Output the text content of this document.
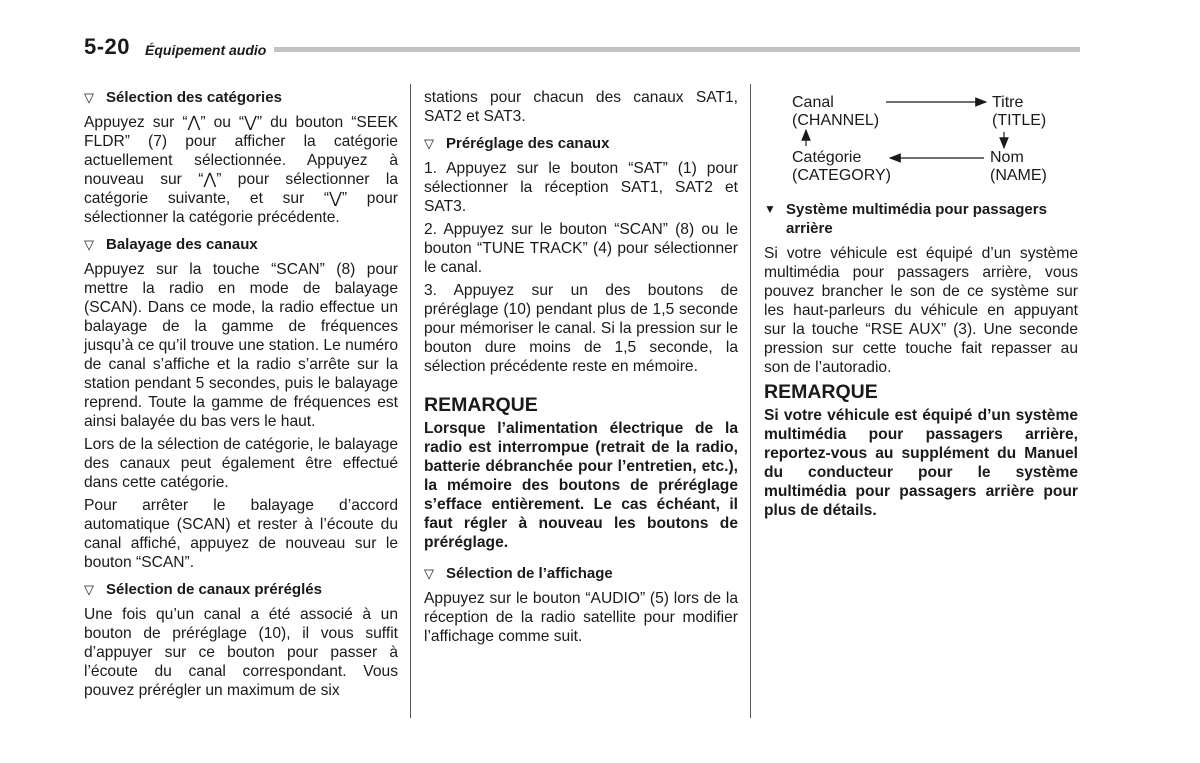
5-20 Équipement audio
▽ Sélection des catégories
Appuyez sur “⋀” ou “⋁” du bouton “SEEK FLDR” (7) pour afficher la catégorie actuellement sélectionnée. Appuyez à nouveau sur “⋀” pour sélectionner la catégorie suivante, et sur “⋁” pour sélectionner la catégorie précédente.
▽ Balayage des canaux
Appuyez sur la touche “SCAN” (8) pour mettre la radio en mode de balayage (SCAN). Dans ce mode, la radio effectue un balayage de la gamme de fréquences jusqu’à ce qu’il trouve une station. Le numéro de canal s’affiche et la radio s’arrête sur la station pendant 5 secondes, puis le balayage reprend. Toute la gamme de fréquences est ainsi balayée du bas vers le haut.
Lors de la sélection de catégorie, le balayage des canaux peut également être effectué dans cette catégorie.
Pour arrêter le balayage d’accord automatique (SCAN) et rester à l’écoute du canal affiché, appuyez de nouveau sur le bouton “SCAN”.
▽ Sélection de canaux préréglés
Une fois qu’un canal a été associé à un bouton de préréglage (10), il vous suffit d’appuyer sur ce bouton pour passer à l’écoute du canal correspondant. Vous pouvez prérégler un maximum de six
stations pour chacun des canaux SAT1, SAT2 et SAT3.
▽ Préréglage des canaux
1. Appuyez sur le bouton “SAT” (1) pour sélectionner la réception SAT1, SAT2 et SAT3.
2. Appuyez sur le bouton “SCAN” (8) ou le bouton “TUNE TRACK” (4) pour sélectionner le canal.
3. Appuyez sur un des boutons de préréglage (10) pendant plus de 1,5 seconde pour mémoriser le canal. Si la pression sur le bouton dure moins de 1,5 seconde, la sélection précédente reste en mémoire.
REMARQUE
Lorsque l’alimentation électrique de la radio est interrompue (retrait de la radio, batterie débranchée pour l’entretien, etc.), la mémoire des boutons de préréglage s’efface entièrement. Le cas échéant, il faut régler à nouveau les boutons de préréglage.
▽ Sélection de l’affichage
Appuyez sur le bouton “AUDIO” (5) lors de la réception de la radio satellite pour modifier l’affichage comme suit.
Canal
(CHANNEL)
Titre
(TITLE)
Catégorie
(CATEGORY)
Nom
(NAME)
▼ Système multimédia pour passagers arrière
Si votre véhicule est équipé d’un système multimédia pour passagers arrière, vous pouvez brancher le son de ce système sur les haut-parleurs du véhicule en appuyant sur la touche “RSE AUX” (3). Une seconde pression sur cette touche fait repasser au son de l’autoradio.
REMARQUE
Si votre véhicule est équipé d’un système multimédia pour passagers arrière, reportez-vous au supplément du Manuel du conducteur pour le système multimédia pour passagers arrière pour plus de détails.
